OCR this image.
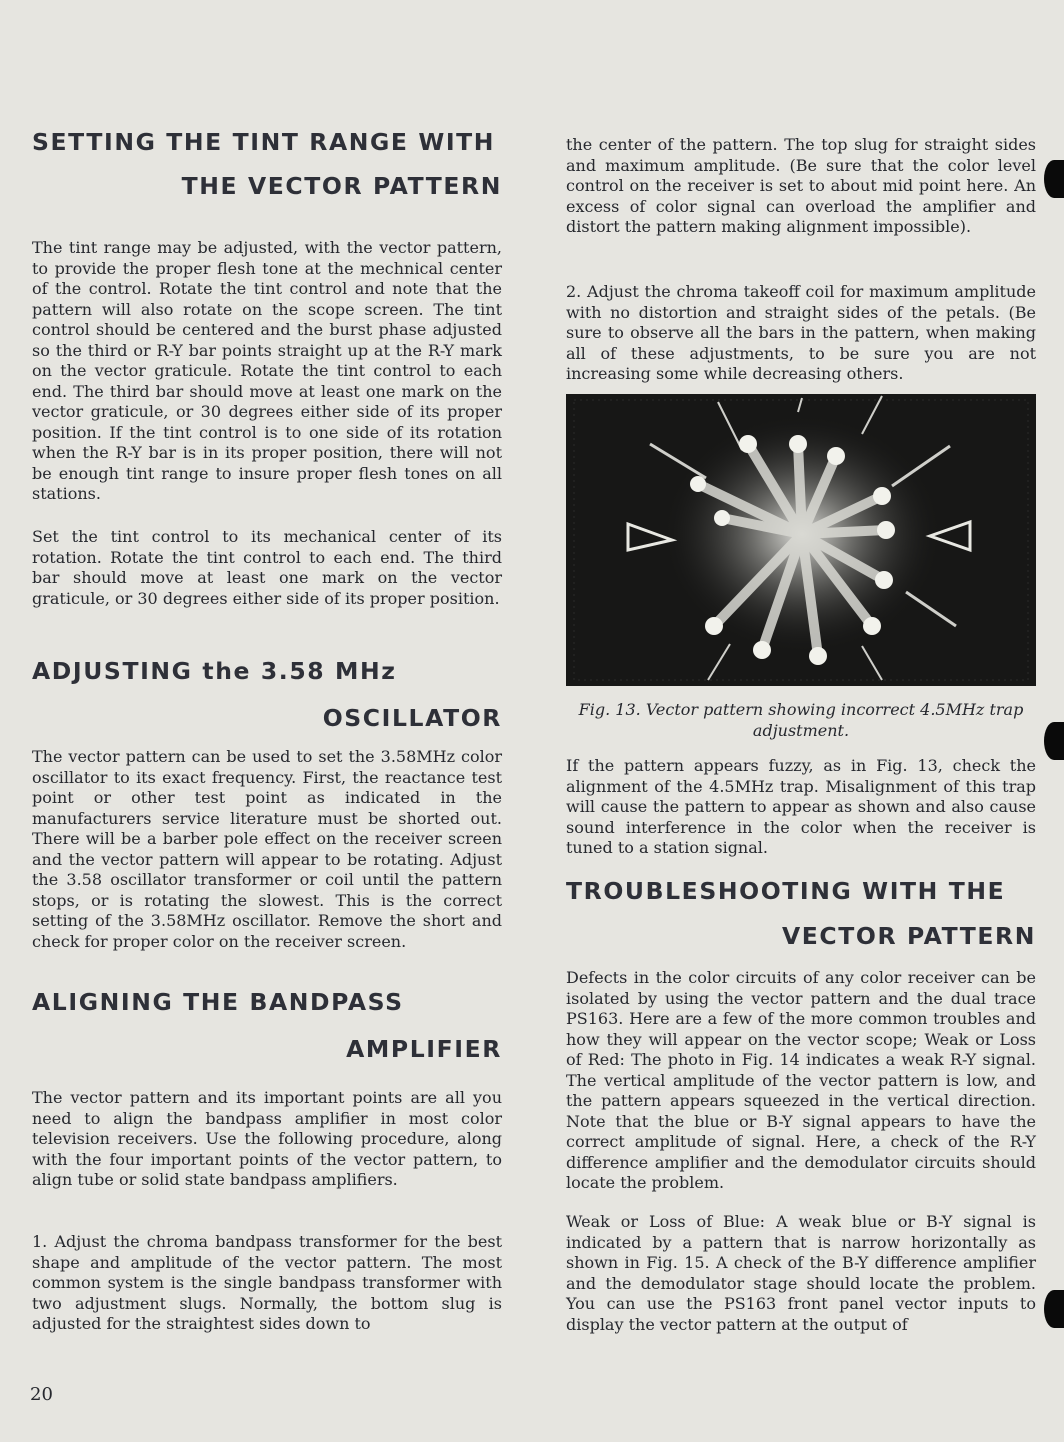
SETTING THE TINT RANGE WITH
THE VECTOR PATTERN

The tint range may be adjusted, with the vector pattern, to provide the proper flesh tone at the mechnical center of the control. Rotate the tint control and note that the pattern will also rotate on the scope screen. The tint control should be centered and the burst phase adjusted so the third or R-Y bar points straight up at the R-Y mark on the vector graticule. Rotate the tint control to each end. The third bar should move at least one mark on the vector graticule, or 30 degrees either side of its proper position. If the tint control is to one side of its rotation when the R-Y bar is in its proper position, there will not be enough tint range to insure proper flesh tones on all stations.

Set the tint control to its mechanical center of its rotation. Rotate the tint control to each end. The third bar should move at least one mark on the vector graticule, or 30 degrees either side of its proper position.

ADJUSTING the 3.58 MHz
OSCILLATOR

The vector pattern can be used to set the 3.58MHz color oscillator to its exact frequency. First, the reactance test point or other test point as indicated in the manufacturers service literature must be shorted out. There will be a barber pole effect on the receiver screen and the vector pattern will appear to be rotating. Adjust the 3.58 oscillator transformer or coil until the pattern stops, or is rotating the slowest. This is the correct setting of the 3.58MHz oscillator. Remove the short and check for proper color on the receiver screen.

ALIGNING THE BANDPASS
AMPLIFIER

The vector pattern and its important points are all you need to align the bandpass amplifier in most color television receivers. Use the following procedure, along with the four important points of the vector pattern, to align tube or solid state bandpass amplifiers.

1. Adjust the chroma bandpass transformer for the best shape and amplitude of the vector pattern. The most common system is the single bandpass transformer with two adjustment slugs. Normally, the bottom slug is adjusted for the straightest sides down to

the center of the pattern. The top slug for straight sides and maximum amplitude. (Be sure that the color level control on the receiver is set to about mid point here. An excess of color signal can overload the amplifier and distort the pattern making alignment impossible).

2. Adjust the chroma takeoff coil for maximum amplitude with no distortion and straight sides of the petals. (Be sure to observe all the bars in the pattern, when making all of these adjustments, to be sure you are not increasing some while decreasing others.

Fig. 13. Vector pattern showing incorrect 4.5MHz trap adjustment.

If the pattern appears fuzzy, as in Fig. 13, check the alignment of the 4.5MHz trap. Misalignment of this trap will cause the pattern to appear as shown and also cause sound interference in the color when the receiver is tuned to a station signal.

TROUBLESHOOTING WITH THE
VECTOR PATTERN

Defects in the color circuits of any color receiver can be isolated by using the vector pattern and the dual trace PS163. Here are a few of the more common troubles and how they will appear on the vector scope; Weak or Loss of Red: The photo in Fig. 14 indicates a weak R-Y signal. The vertical amplitude of the vector pattern is low, and the pattern appears squeezed in the vertical direction. Note that the blue or B-Y signal appears to have the correct amplitude of signal. Here, a check of the R-Y difference amplifier and the demodulator circuits should locate the problem.

Weak or Loss of Blue: A weak blue or B-Y signal is indicated by a pattern that is narrow horizontally as shown in Fig. 15. A check of the B-Y difference amplifier and the demodulator stage should locate the problem. You can use the PS163 front panel vector inputs to display the vector pattern at the output of

20
